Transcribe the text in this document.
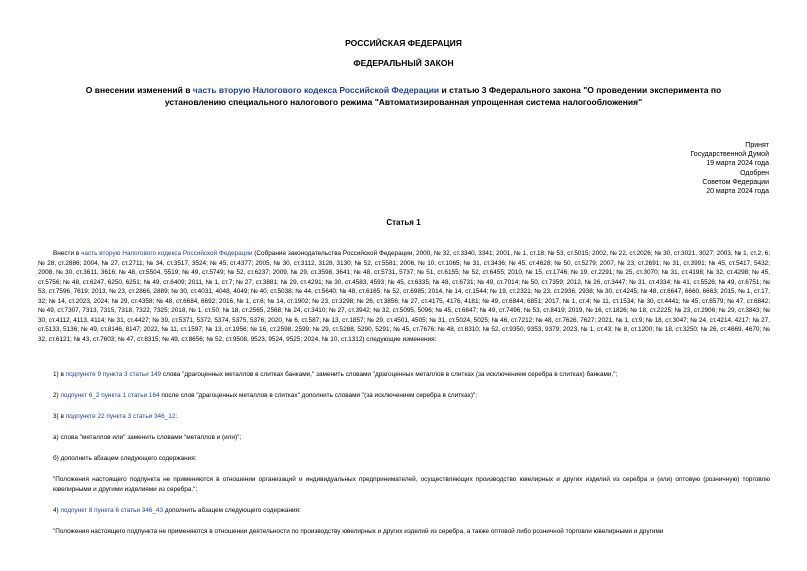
РОССИЙСКАЯ ФЕДЕРАЦИЯ
ФЕДЕРАЛЬНЫЙ ЗАКОН
О внесении изменений в часть вторую Налогового кодекса Российской Федерации и статью 3 Федерального закона "О проведении эксперимента по установлению специального налогового режима "Автоматизированная упрощенная система налогообложения"
Принят
Государственной Думой
19 марта 2024 года
Одобрен
Советом Федерации
20 марта 2024 года
Статья 1
Внести в часть вторую Налогового кодекса Российской Федерации (Собрание законодательства Российской Федерации, 2000, № 32, ст.3340, 3341; 2001, № 1, ст.18; № 53, ст.5015; 2002, № 22, ст.2026; № 30, ст.3021, 3027; 2003, № 1, ст.2, 6; № 28, ст.2886; 2004, № 27, ст.2711; № 34, ст.3517, 3524; № 45, ст.4377; 2005, № 30, ст.3112, 3128, 3130; № 52, ст.5581; 2006, № 10, ст.1065; № 31, ст.3436; № 45, ст.4628; № 50, ст.5279; 2007, № 23, ст.2691; № 31, ст.3991; № 45, ст.5417, 5432; 2008, № 30, ст.3611, 3616; № 48, ст.5504, 5519; № 49, ст.5749; № 52, ст.6237; 2009, № 29, ст.3598, 3641; № 48, ст.5731, 5737; № 51, ст.6155; № 52, ст.6455; 2010, № 15, ст.1746; № 19, ст.2291; № 25, ст.3070; № 31, ст.4198; № 32, ст.4298; № 45, ст.5756; № 48, ст.6247, 6250, 6251; № 49, ст.6409; 2011, № 1, ст.7; № 27, ст.3881; № 29, ст.4291; № 30, ст.4583, 4593; № 45, ст.6335; № 48, ст.6731; № 49, ст.7014; № 50, ст.7359; 2012, № 26, ст.3447; № 31, ст.4334; № 41, ст.5526; № 49, ст.6751; № 53, ст.7596, 7619; 2013, № 23, ст.2866, 2889; № 30, ст.4031, 4048, 4049; № 40, ст.5038; № 44, ст.5640; № 48, ст.6165; № 52, ст.6985; 2014, № 14, ст.1544; № 19, ст.2321; № 23, ст.2936, 2938; № 30, ст.4245; № 48, ст.6647, 6660, 6663; 2015, № 1, ст.17, 32; № 14, ст.2023, 2024; № 29, ст.4358; № 48, ст.6684, 6692; 2016, № 1, ст.6; № 14, ст.1902; № 23, ст.3298; № 26, ст.3856; № 27, ст.4175, 4176, 4181; № 49, ст.6844, 6851; 2017, № 1, ст.4; № 11, ст.1534; № 30, ст.4441; № 45, ст.6579; № 47, ст.6842; № 49, ст.7307, 7313, 7315, 7318, 7322, 7325; 2018, № 1, ст.50; № 18, ст.2565, 2568; № 24, ст.3410; № 27, ст.3942; № 32, ст.5095, 5096; № 45, ст.6847; № 49, ст.7496; № 53, ст.8419; 2019, № 16, ст.1826; № 18, ст.2225; № 23, ст.2906; № 29, ст.3843; № 30, ст.4112, 4113, 4114; № 31, ст.4427; № 39, ст.5371, 5372, 5374, 5375, 5376; 2020, № 6, ст.587; № 13, ст.1857; № 29, ст.4501, 4505; № 31, ст.5024, 5025; № 46, ст.7212; № 48, ст.7626, 7627; 2021, № 1, ст.9; № 18, ст.3047; № 24, ст.4214, 4217; № 27, ст.5133, 5136; № 49, ст.8146, 8147; 2022, № 11, ст.1597; № 13, ст.1956; № 16, ст.2598, 2599; № 29, ст.5288, 5290, 5291; № 45, ст.7676; № 48, ст.8310; № 52, ст.9350, 9353, 9379; 2023, № 1, ст.43; № 8, ст.1200; № 18, ст.3250; № 26, ст.4669, 4670; № 32, ст.6121; № 43, ст.7603; № 47, ст.8315; № 49, ст.8656; № 52, ст.9508, 9523, 9524, 9525; 2024, № 10, ст.1312) следующие изменения:
1) в подпункте 9 пункта 3 статьи 149 слова "драгоценных металлов в слитках банками," заменить словами "драгоценных металлов в слитках (за исключением серебра в слитках) банками,";
2) подпункт 6_2 пункта 1 статьи 164 после слов "драгоценных металлов в слитках" дополнить словами "(за исключением серебра в слитках)";
3) в подпункте 22 пункта 3 статьи 346_12:
а) слова "металлов или" заменить словами "металлов и (или)";
б) дополнить абзацем следующего содержания:
"Положения настоящего подпункта не применяются в отношении организаций и индивидуальных предпринимателей, осуществляющих производство ювелирных и других изделий из серебра и (или) оптовую (розничную) торговлю ювелирными и другими изделиями из серебра.";
4) подпункт 8 пункта 6 статьи 346_43 дополнить абзацем следующего содержания:
"Положения настоящего подпункта не применяются в отношении деятельности по производству ювелирных и других изделий из серебра, а также оптовой либо розничной торговли ювелирными и другими
